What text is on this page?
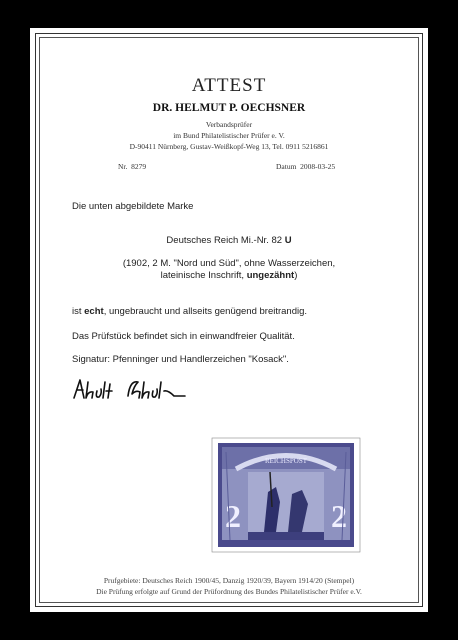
ATTEST
DR. HELMUT P. OECHSNER
Verbandsprüfer
im Bund Philatelistischer Prüfer e. V.
D-90411 Nürnberg, Gustav-Weißkopf-Weg 13, Tel. 0911 5216861
Nr. 8279	Datum 2008-03-25
Die unten abgebildete Marke
Deutsches Reich Mi.-Nr. 82 U
(1902, 2 M. "Nord und Süd", ohne Wasserzeichen,
lateinische Inschrift, ungezähnt)
ist echt, ungebraucht und allseits genügend breitrandig.
Das Prüfstück befindet sich in einwandfreier Qualität.
Signatur: Pfenninger und Handlerzeichen "Kosack".
REICHSPOST
2	2
Prufgebiete: Deutsches Reich 1900/45, Danzig 1920/39, Bayern 1914/20 (Stempel)
Die Prüfung erfolgte auf Grund der Prüfordnung des Bundes Philatelistischer Prüfer e.V.
